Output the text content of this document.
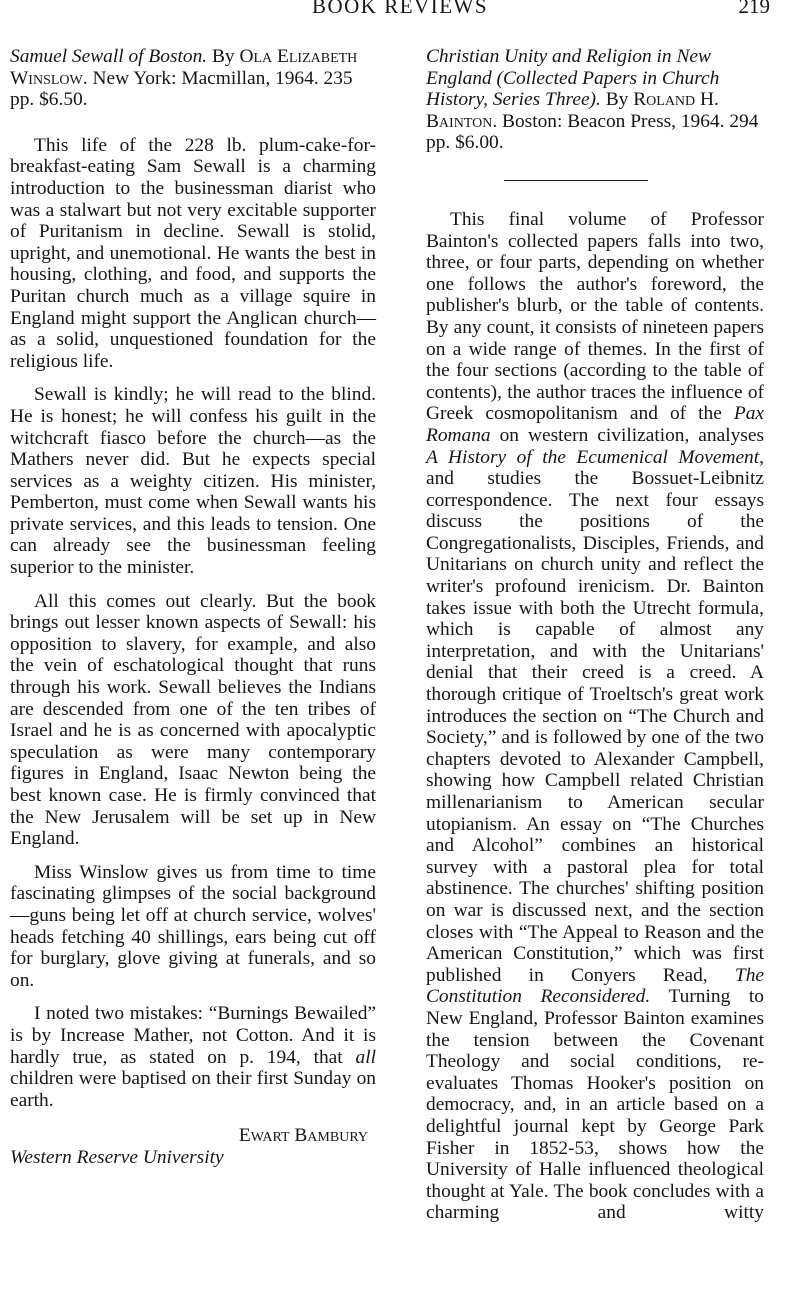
BOOK REVIEWS	219
Samuel Sewall of Boston. By Ola Elizabeth Winslow. New York: Macmillan, 1964. 235 pp. $6.50.

This life of the 228 lb. plum-cake-for-breakfast-eating Sam Sewall is a charming introduction to the businessman diarist who was a stalwart but not very excitable supporter of Puritanism in decline. Sewall is stolid, upright, and unemotional. He wants the best in housing, clothing, and food, and supports the Puritan church much as a village squire in England might support the Anglican church—as a solid, unquestioned foundation for the religious life.

Sewall is kindly; he will read to the blind. He is honest; he will confess his guilt in the witchcraft fiasco before the church—as the Mathers never did. But he expects special services as a weighty citizen. His minister, Pemberton, must come when Sewall wants his private services, and this leads to tension. One can already see the businessman feeling superior to the minister.

All this comes out clearly. But the book brings out lesser known aspects of Sewall: his opposition to slavery, for example, and also the vein of eschatological thought that runs through his work. Sewall believes the Indians are descended from one of the ten tribes of Israel and he is as concerned with apocalyptic speculation as were many contemporary figures in England, Isaac Newton being the best known case. He is firmly convinced that the New Jerusalem will be set up in New England.

Miss Winslow gives us from time to time fascinating glimpses of the social background—guns being let off at church service, wolves' heads fetching 40 shillings, ears being cut off for burglary, glove giving at funerals, and so on.

I noted two mistakes: “Burnings Bewailed” is by Increase Mather, not Cotton. And it is hardly true, as stated on p. 194, that all children were baptised on their first Sunday on earth.

Ewart Bambury
Western Reserve University
Christian Unity and Religion in New England (Collected Papers in Church History, Series Three). By Roland H. Bainton. Boston: Beacon Press, 1964. 294 pp. $6.00.

This final volume of Professor Bainton's collected papers falls into two, three, or four parts, depending on whether one follows the author's foreword, the publisher's blurb, or the table of contents. By any count, it consists of nineteen papers on a wide range of themes. In the first of the four sections (according to the table of contents), the author traces the influence of Greek cosmopolitanism and of the Pax Romana on western civilization, analyses A History of the Ecumenical Movement, and studies the Bossuet-Leibnitz correspondence. The next four essays discuss the positions of the Congregationalists, Disciples, Friends, and Unitarians on church unity and reflect the writer's profound irenicism. Dr. Bainton takes issue with both the Utrecht formula, which is capable of almost any interpretation, and with the Unitarians' denial that their creed is a creed. A thorough critique of Troeltsch's great work introduces the section on “The Church and Society,” and is followed by one of the two chapters devoted to Alexander Campbell, showing how Campbell related Christian millenarianism to American secular utopianism. An essay on “The Churches and Alcohol” combines an historical survey with a pastoral plea for total abstinence. The churches' shifting position on war is discussed next, and the section closes with “The Appeal to Reason and the American Constitution,” which was first published in Conyers Read, The Constitution Reconsidered. Turning to New England, Professor Bainton examines the tension between the Covenant Theology and social conditions, re-evaluates Thomas Hooker's position on democracy, and, in an article based on a delightful journal kept by George Park Fisher in 1852-53, shows how the University of Halle influenced theological thought at Yale. The book concludes with a charming and witty
